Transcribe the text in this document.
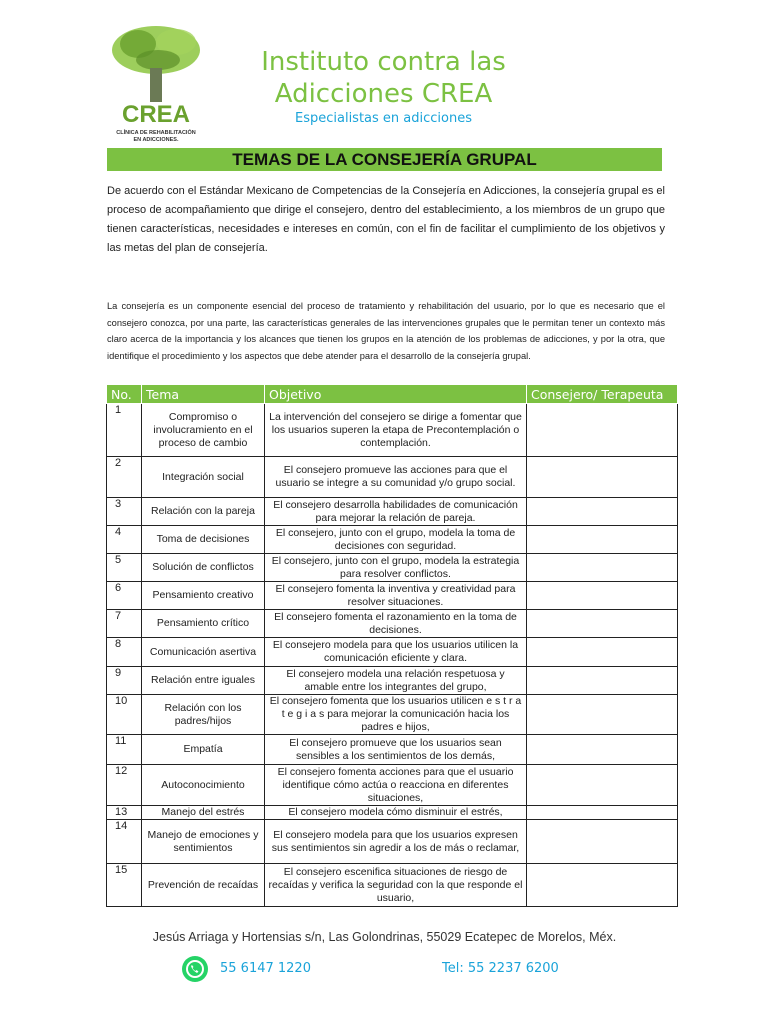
CREA
CLÍNICA DE REHABILITACIÓN
EN ADICCIONES.
Instituto contra las
Adicciones CREA
Especialistas en adicciones
TEMAS DE LA CONSEJERÍA GRUPAL
De acuerdo con el Estándar Mexicano de Competencias de la Consejería en Adicciones, la consejería grupal es el proceso de acompañamiento que dirige el consejero, dentro del establecimiento, a los miembros de un grupo que tienen características, necesidades e intereses en común, con el fin de facilitar el cumplimiento de los objetivos y las metas del plan de consejería.
La consejería es un componente esencial del proceso de tratamiento y rehabilitación del usuario, por lo que es necesario que el consejero conozca, por una parte, las características generales de las intervenciones grupales que le permitan tener un contexto más claro acerca de la importancia y los alcances que tienen los grupos en la atención de los problemas de adicciones, y por la otra, que identifique el procedimiento y los aspectos que debe atender para el desarrollo de la consejería grupal.
No.	Tema	Objetivo	Consejero/ Terapeuta
1	Compromiso o involucramiento en el proceso de cambio	La intervención del consejero se dirige a fomentar que los usuarios superen la etapa de Precontemplación o contemplación.	
2	Integración social	El consejero promueve las acciones para que el usuario se integre a su comunidad y/o grupo social.	
3	Relación con la pareja	El consejero desarrolla habilidades de comunicación para mejorar la relación de pareja.	
4	Toma de decisiones	El consejero, junto con el grupo, modela la toma de decisiones con seguridad.	
5	Solución de conflictos	El consejero, junto con el grupo, modela la estrategia para resolver conflictos.	
6	Pensamiento creativo	El consejero fomenta la inventiva y creatividad para resolver situaciones.	
7	Pensamiento crítico	El consejero fomenta el razonamiento en la toma de decisiones.	
8	Comunicación asertiva	El consejero modela para que los usuarios utilicen la comunicación eficiente y clara.	
9	Relación entre iguales	El consejero modela una relación respetuosa y amable entre los integrantes del grupo,	
10	Relación con los padres/hijos	El consejero fomenta que los usuarios utilicen e s t r a t e g i a s para mejorar la comunicación hacia los padres e hijos,	
11	Empatía	El consejero promueve que los usuarios sean sensibles a los sentimientos de los demás,	
12	Autoconocimiento	El consejero fomenta acciones para que el usuario identifique cómo actúa o reacciona en diferentes situaciones,	
13	Manejo del estrés	El consejero modela cómo disminuir el estrés,	
14	Manejo de emociones y sentimientos	El consejero modela para que los usuarios expresen sus sentimientos sin agredir a los de más o reclamar,	
15	Prevención de recaídas	El consejero escenifica situaciones de riesgo de recaídas y verifica la seguridad con la que responde el usuario,	
Jesús Arriaga y Hortensias s/n, Las Golondrinas, 55029 Ecatepec de Morelos, Méx.
55 6147 1220	Tel: 55 2237 6200
